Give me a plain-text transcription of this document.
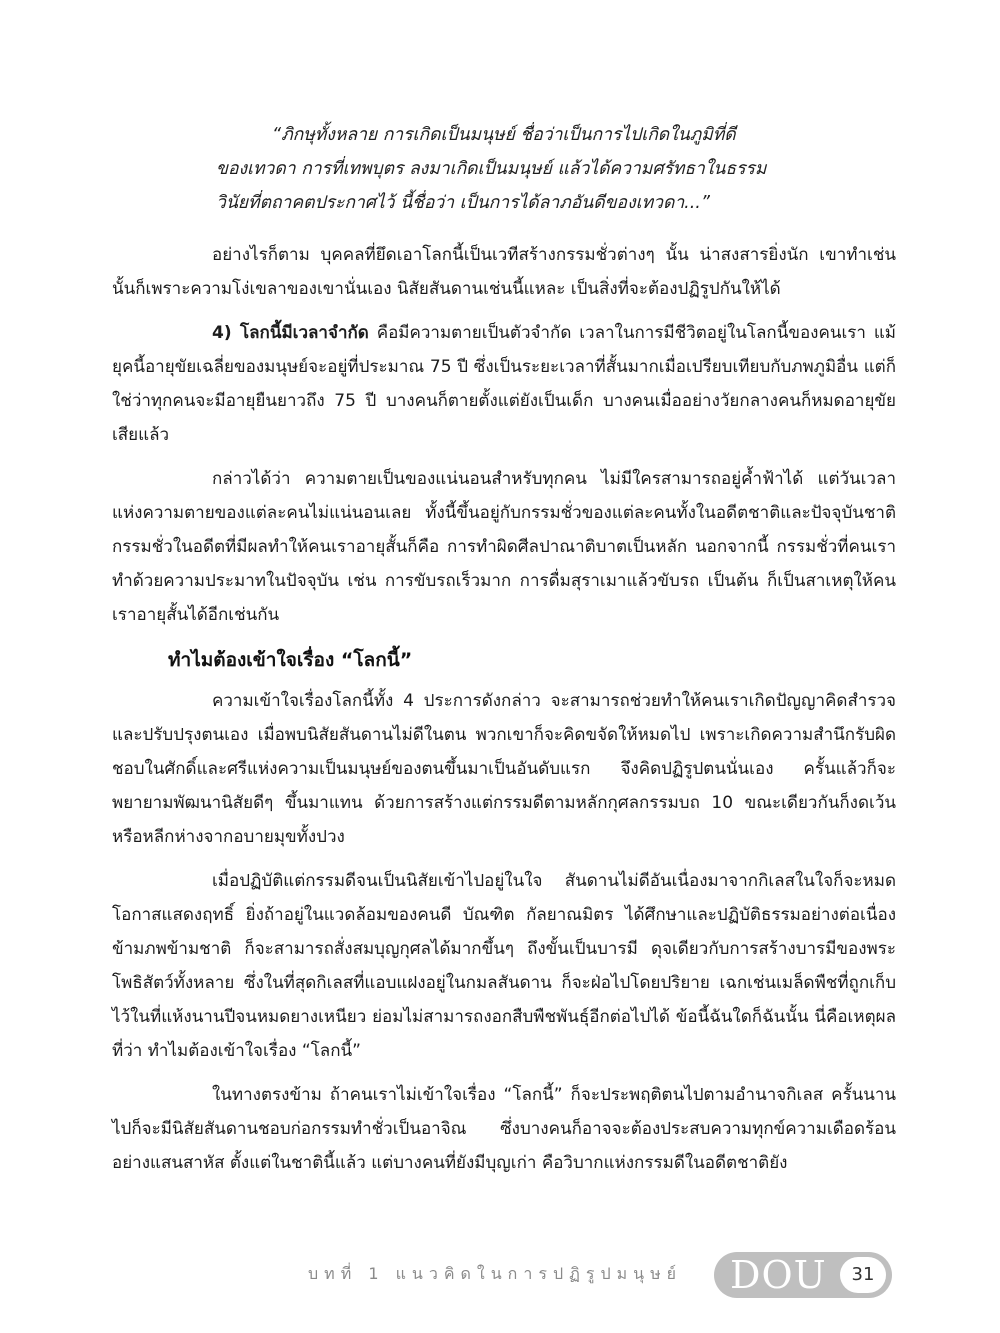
“ภิกษุทั้งหลาย การเกิดเป็นมนุษย์ ชื่อว่าเป็นการไปเกิดในภูมิที่ดี
ของเทวดา การที่เทพบุตร ลงมาเกิดเป็นมนุษย์ แล้วได้ความศรัทธาในธรรม
วินัยที่ตถาคตประกาศไว้ นี้ชื่อว่า เป็นการได้ลาภอันดีของเทวดา...”

อย่างไรก็ตาม บุคคลที่ยึดเอาโลกนี้เป็นเวทีสร้างกรรมชั่วต่างๆ นั้น น่าสงสารยิ่งนัก เขาทำเช่นนั้นก็เพราะความโง่เขลาของเขานั่นเอง นิสัยสันดานเช่นนี้แหละ เป็นสิ่งที่จะต้องปฏิรูปกันให้ได้

4) โลกนี้มีเวลาจำกัด คือมีความตายเป็นตัวจำกัด เวลาในการมีชีวิตอยู่ในโลกนี้ของคนเรา แม้ยุคนี้อายุขัยเฉลี่ยของมนุษย์จะอยู่ที่ประมาณ 75 ปี ซึ่งเป็นระยะเวลาที่สั้นมากเมื่อเปรียบเทียบกับภพภูมิอื่น แต่ก็ใช่ว่าทุกคนจะมีอายุยืนยาวถึง 75 ปี บางคนก็ตายตั้งแต่ยังเป็นเด็ก บางคนเมื่ออย่างวัยกลางคนก็หมดอายุขัยเสียแล้ว

กล่าวได้ว่า ความตายเป็นของแน่นอนสำหรับทุกคน ไม่มีใครสามารถอยู่ค้ำฟ้าได้ แต่วันเวลาแห่งความตายของแต่ละคนไม่แน่นอนเลย ทั้งนี้ขึ้นอยู่กับกรรมชั่วของแต่ละคนทั้งในอดีตชาติและปัจจุบันชาติ กรรมชั่วในอดีตที่มีผลทำให้คนเราอายุสั้นก็คือ การทำผิดศีลปาณาติบาตเป็นหลัก นอกจากนี้ กรรมชั่วที่คนเราทำด้วยความประมาทในปัจจุบัน เช่น การขับรถเร็วมาก การดื่มสุราเมาแล้วขับรถ เป็นต้น ก็เป็นสาเหตุให้คนเราอายุสั้นได้อีกเช่นกัน

ทำไมต้องเข้าใจเรื่อง “โลกนี้”

ความเข้าใจเรื่องโลกนี้ทั้ง 4 ประการดังกล่าว จะสามารถช่วยทำให้คนเราเกิดปัญญาคิดสำรวจและปรับปรุงตนเอง เมื่อพบนิสัยสันดานไม่ดีในตน พวกเขาก็จะคิดขจัดให้หมดไป เพราะเกิดความสำนึกรับผิดชอบในศักดิ์และศรีแห่งความเป็นมนุษย์ของตนขึ้นมาเป็นอันดับแรก จึงคิดปฏิรูปตนนั่นเอง ครั้นแล้วก็จะพยายามพัฒนานิสัยดีๆ ขึ้นมาแทน ด้วยการสร้างแต่กรรมดีตามหลักกุศลกรรมบถ 10 ขณะเดียวกันก็งดเว้น หรือหลีกห่างจากอบายมุขทั้งปวง

เมื่อปฏิบัติแต่กรรมดีจนเป็นนิสัยเข้าไปอยู่ในใจ สันดานไม่ดีอันเนื่องมาจากกิเลสในใจก็จะหมดโอกาสแสดงฤทธิ์ ยิ่งถ้าอยู่ในแวดล้อมของคนดี บัณฑิต กัลยาณมิตร ได้ศึกษาและปฏิบัติธรรมอย่างต่อเนื่องข้ามภพข้ามชาติ ก็จะสามารถสั่งสมบุญกุศลได้มากขึ้นๆ ถึงขั้นเป็นบารมี ดุจเดียวกับการสร้างบารมีของพระโพธิสัตว์ทั้งหลาย ซึ่งในที่สุดกิเลสที่แอบแฝงอยู่ในกมลสันดาน ก็จะฝ่อไปโดยปริยาย เฉกเช่นเมล็ดพืชที่ถูกเก็บไว้ในที่แห้งนานปีจนหมดยางเหนียว ย่อมไม่สามารถงอกสืบพืชพันธุ์อีกต่อไปได้ ข้อนี้ฉันใดก็ฉันนั้น นี่คือเหตุผลที่ว่า ทำไมต้องเข้าใจเรื่อง “โลกนี้”

ในทางตรงข้าม ถ้าคนเราไม่เข้าใจเรื่อง “โลกนี้” ก็จะประพฤติตนไปตามอำนาจกิเลส ครั้นนานไปก็จะมีนิสัยสันดานชอบก่อกรรมทำชั่วเป็นอาจิณ ซึ่งบางคนก็อาจจะต้องประสบความทุกข์ความเดือดร้อนอย่างแสนสาหัส ตั้งแต่ในชาตินี้แล้ว แต่บางคนที่ยังมีบุญเก่า คือวิบากแห่งกรรมดีในอดีตชาติยัง

บทที่ 1 แนวคิดในการปฏิรูปมนุษย์ DOU	31
